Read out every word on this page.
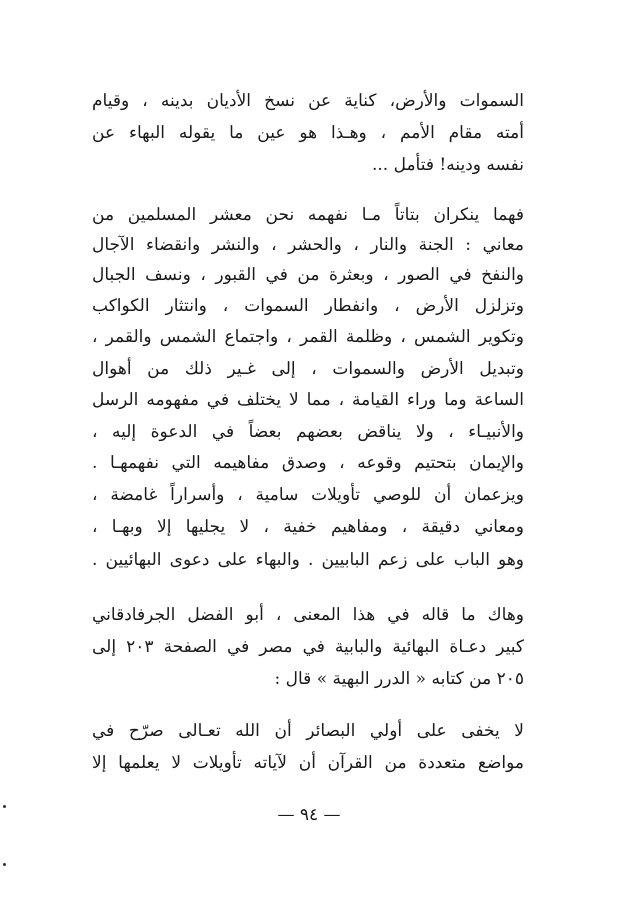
السموات والأرض، كناية عن نسخ الأديان بدينه ، وقيام
أمته مقام الأمم ، وهـذا هو عين ما يقوله البهاء عن
نفسه ودينه! فتأمل ...
فهما ينكران بتاتاً مـا نفهمه نحن معشر المسلمين من
معاني : الجنة والنار ، والحشر ، والنشر وانقضاء الآجال
والنفخ في الصور ، وبعثرة من في القبور ، ونسف الجبال
وتزلزل الأرض ، وانفطار السموات ، وانتثار الكواكب
وتكوير الشمس ، وظلمة القمر ، واجتماع الشمس والقمر ،
وتبديل الأرض والسموات ، إلى غـير ذلك من أهوال
الساعة وما وراء القيامة ، مما لا يختلف في مفهومه الرسل
والأنبيـاء ، ولا يناقض بعضهم بعضاً في الدعوة إليه ،
والإيمان بتحتيم وقوعه ، وصدق مفاهيمه التي نفهمهـا .
ويزعمان أن للوصي تأويلات سامية ، وأسراراً غامضة ،
ومعاني دقيقة ، ومفاهيم خفية ، لا يجليها إلا وبهـا ،
وهو الباب على زعم البابيين . والبهاء على دعوى البهائيين .
وهاك ما قاله في هذا المعنى ، أبو الفضل الجرفادقاني
كبير دعـاة البهائية والبابية في مصر في الصفحة ٢٠٣ إلى
٢٠٥ من كتابه « الدرر البهية » قال :
لا يخفى على أولي البصائر أن الله تعـالى صرّح في
مواضع متعددة من القرآن أن لآياته تأويلات لا يعلمها إلا
— ٩٤ —
